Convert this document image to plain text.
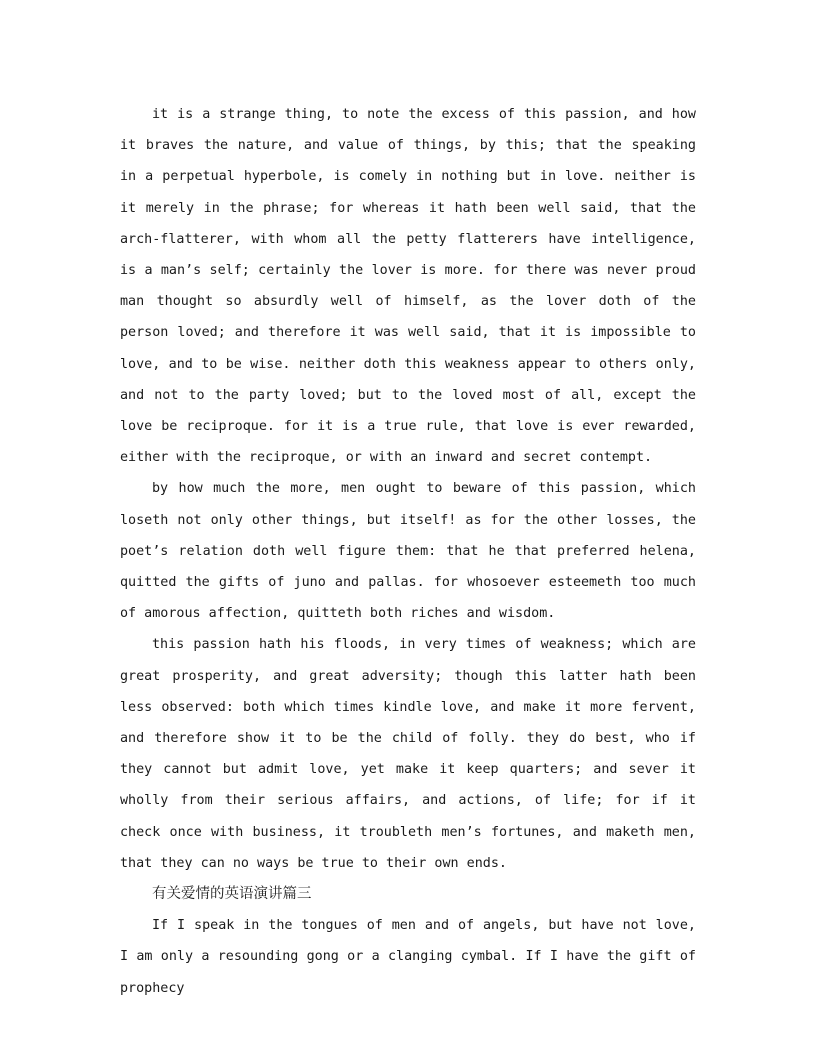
it is a strange thing, to note the excess of this passion, and how it braves the nature, and value of things, by this; that the speaking in a perpetual hyperbole, is comely in nothing but in love. neither is it merely in the phrase; for whereas it hath been well said, that the arch-flatterer, with whom all the petty flatterers have intelligence, is a man’s self; certainly the lover is more. for there was never proud man thought so absurdly well of himself, as the lover doth of the person loved; and therefore it was well said, that it is impossible to love, and to be wise. neither doth this weakness appear to others only, and not to the party loved; but to the loved most of all, except the love be reciproque. for it is a true rule, that love is ever rewarded, either with the reciproque, or with an inward and secret contempt.

by how much the more, men ought to beware of this passion, which loseth not only other things, but itself! as for the other losses, the poet’s relation doth well figure them: that he that preferred helena, quitted the gifts of juno and pallas. for whosoever esteemeth too much of amorous affection, quitteth both riches and wisdom.

this passion hath his floods, in very times of weakness; which are great prosperity, and great adversity; though this latter hath been less observed: both which times kindle love, and make it more fervent, and therefore show it to be the child of folly. they do best, who if they cannot but admit love, yet make it keep quarters; and sever it wholly from their serious affairs, and actions, of life; for if it check once with business, it troubleth men’s fortunes, and maketh men, that they can no ways be true to their own ends.

有关爱情的英语演讲篇三

If I speak in the tongues of men and of angels, but have not love, I am only a resounding gong or a clanging cymbal. If I have the gift of prophecy
